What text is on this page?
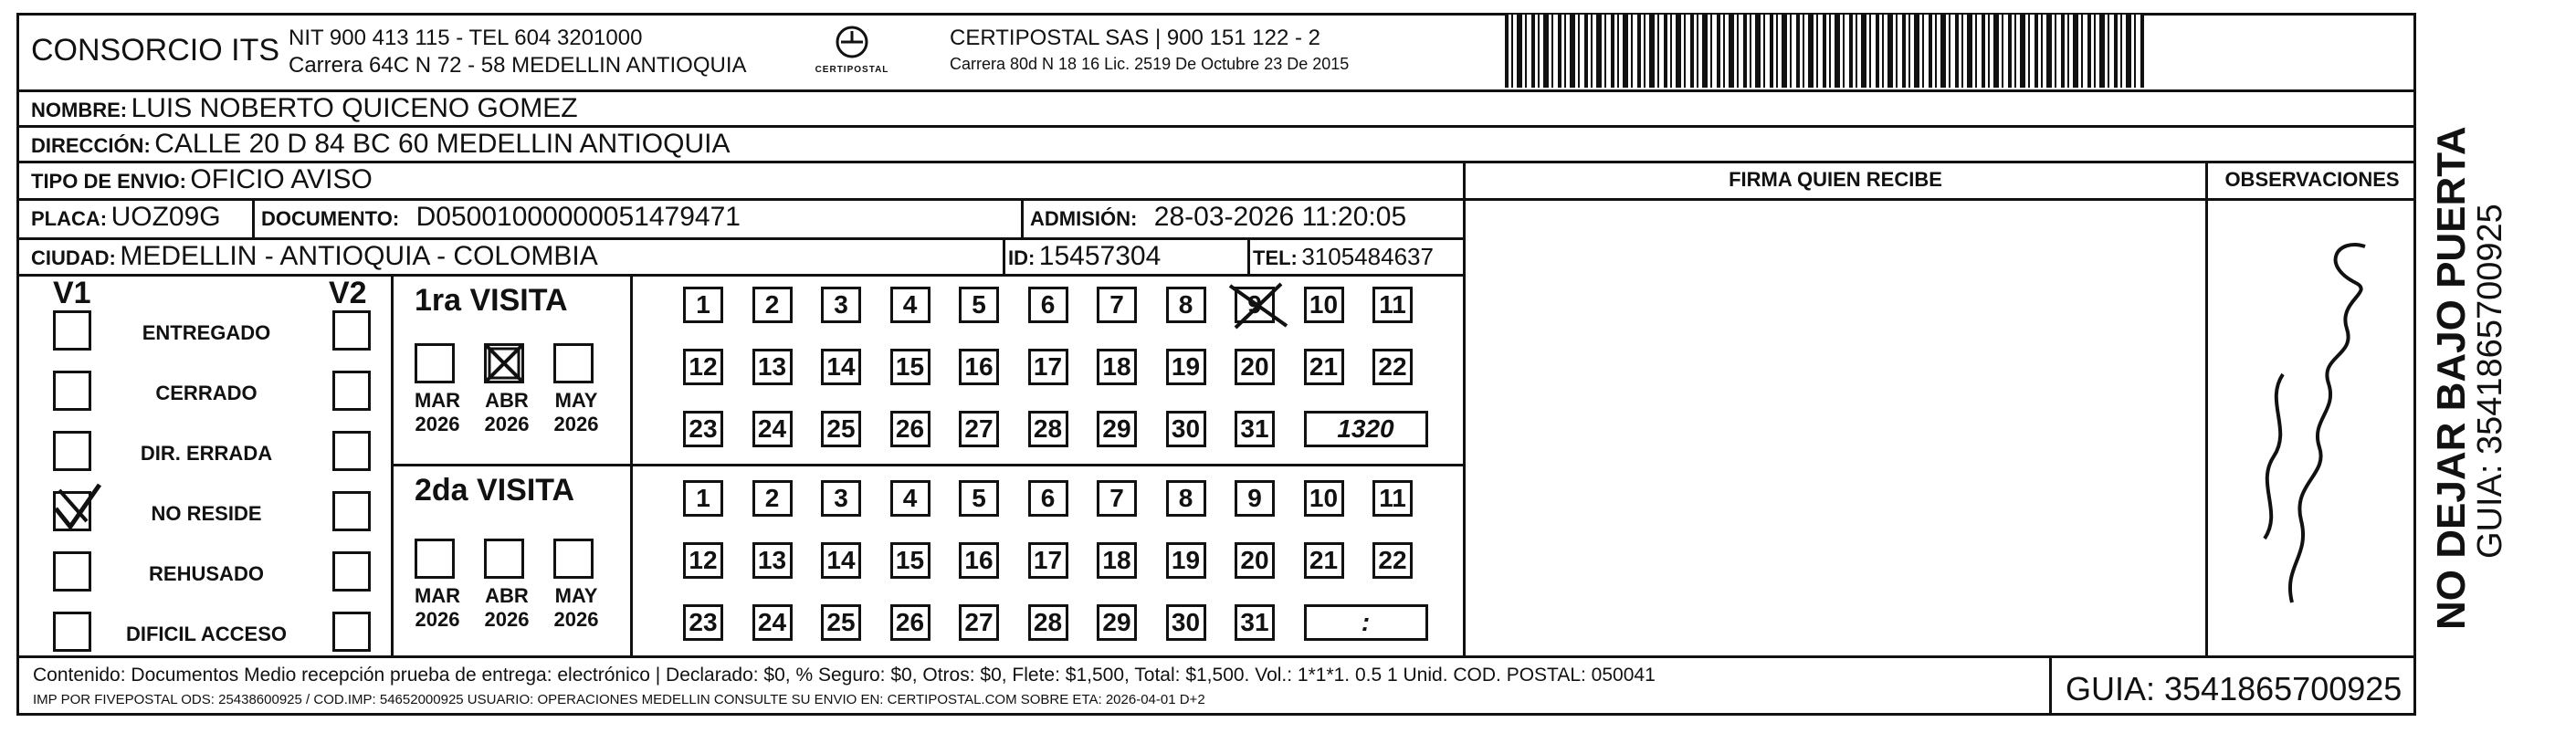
CONSORCIO ITS NIT 900 413 115 - TEL 604 3201000
Carrera 64C N 72 - 58 MEDELLIN ANTIOQUIA	CERTIPOSTAL
CERTIPOSTAL SAS | 900 151 122 - 2
Carrera 80d N 18 16 Lic. 2519 De Octubre 23 De 2015
NOMBRE: LUIS NOBERTO QUICENO GOMEZ
DIRECCIÓN: CALLE 20 D 84 BC 60 MEDELLIN ANTIOQUIA
TIPO DE ENVIO: OFICIO AVISO
PLACA: UOZ09G DOCUMENTO: D05001000000051479471	ADMISIÓN: 28-03-2026 11:20:05
CIUDAD: MEDELLIN - ANTIOQUIA - COLOMBIA	ID: 15457304	TEL: 3105484637
FIRMA QUIEN RECIBE	OBSERVACIONES
V1	V2
ENTREGADO
CERRADO
DIR. ERRADA
NO RESIDE
REHUSADO
DIFICIL ACCESO
1ra VISITA
MAR
2026
ABR
2026
MAY
2026
1	2	3	4	5	6	7	8	9	10 11
12 13 14 15 16 17 18 19 20 21 22
23 24 25 26 27 28 29 30 31	1320
2da VISITA
MAR
2026
ABR
2026
MAY
2026
1	2	3	4	5	6	7	8	9	10 11
12 13 14 15 16 17 18 19 20 21 22
23 24 25 26 27 28 29 30 31	:
Contenido: Documentos Medio recepción prueba de entrega: electrónico | Declarado: $0, % Seguro: $0, Otros: $0, Flete: $1,500, Total: $1,500. Vol.: 1*1*1. 0.5 1 Unid. COD. POSTAL: 050041
IMP POR FIVEPOSTAL ODS: 25438600925 / COD.IMP: 54652000925 USUARIO: OPERACIONES MEDELLIN CONSULTE SU ENVIO EN: CERTIPOSTAL.COM SOBRE ETA: 2026-04-01 D+2	GUIA: 3541865700925
NO DEJAR BAJO PUERTA
GUIA: 3541865700925
